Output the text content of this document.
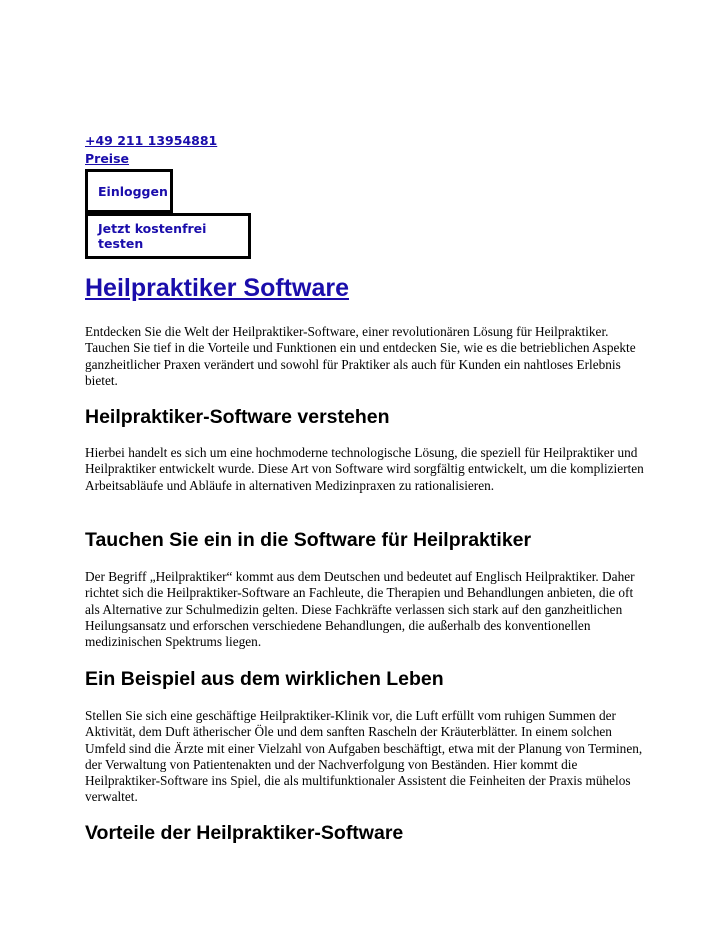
+49 211 13954881
Preise
Einloggen
Jetzt kostenfrei testen
Heilpraktiker Software

Entdecken Sie die Welt der Heilpraktiker-Software, einer revolutionären Lösung für Heilpraktiker. Tauchen Sie tief in die Vorteile und Funktionen ein und entdecken Sie, wie es die betrieblichen Aspekte ganzheitlicher Praxen verändert und sowohl für Praktiker als auch für Kunden ein nahtloses Erlebnis bietet.

Heilpraktiker-Software verstehen

Hierbei handelt es sich um eine hochmoderne technologische Lösung, die speziell für Heilpraktiker und Heilpraktiker entwickelt wurde. Diese Art von Software wird sorgfältig entwickelt, um die komplizierten Arbeitsabläufe und Abläufe in alternativen Medizinpraxen zu rationalisieren.

Tauchen Sie ein in die Software für Heilpraktiker

Der Begriff „Heilpraktiker“ kommt aus dem Deutschen und bedeutet auf Englisch Heilpraktiker. Daher richtet sich die Heilpraktiker-Software an Fachleute, die Therapien und Behandlungen anbieten, die oft als Alternative zur Schulmedizin gelten. Diese Fachkräfte verlassen sich stark auf den ganzheitlichen Heilungsansatz und erforschen verschiedene Behandlungen, die außerhalb des konventionellen medizinischen Spektrums liegen.

Ein Beispiel aus dem wirklichen Leben

Stellen Sie sich eine geschäftige Heilpraktiker-Klinik vor, die Luft erfüllt vom ruhigen Summen der Aktivität, dem Duft ätherischer Öle und dem sanften Rascheln der Kräuterblätter. In einem solchen Umfeld sind die Ärzte mit einer Vielzahl von Aufgaben beschäftigt, etwa mit der Planung von Terminen, der Verwaltung von Patientenakten und der Nachverfolgung von Beständen. Hier kommt die Heilpraktiker-Software ins Spiel, die als multifunktionaler Assistent die Feinheiten der Praxis mühelos verwaltet.

Vorteile der Heilpraktiker-Software
